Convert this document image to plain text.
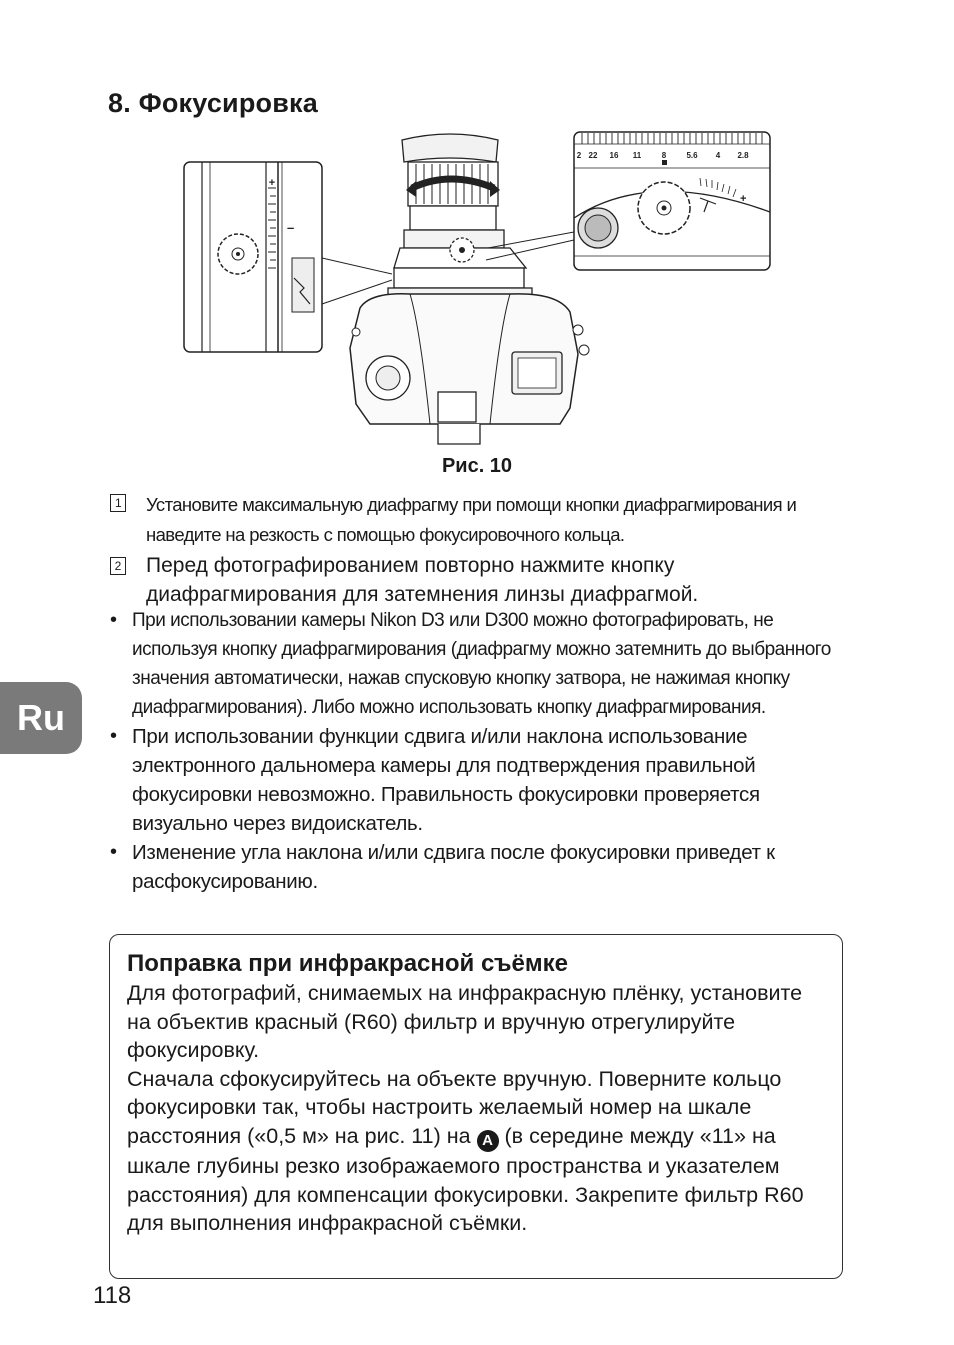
8. Фокусировка
+
–
2 22 16 11	8	5.6 4 2.8
+
Рис. 10
1 Установите максимальную диафрагму при помощи кнопки диафрагмирования и наведите на резкость с помощью фокусировочного кольца.
2 Перед фотографированием повторно нажмите кнопку диафрагмирования для затемнения линзы диафрагмой.
• При использовании камеры Nikon D3 или D300 можно фотографировать, не используя кнопку диафрагмирования (диафрагму можно затемнить до выбранного значения автоматически, нажав спусковую кнопку затвора, не нажимая кнопку диафрагмирования). Либо можно использовать кнопку диафрагмирования.
• При использовании функции сдвига и/или наклона использование электронного дальномера камеры для подтверждения правильной фокусировки невозможно. Правильность фокусировки проверяется визуально через видоискатель.
• Изменение угла наклона и/или сдвига после фокусировки приведет к расфокусированию.
Ru
Поправка при инфракрасной съёмке

Для фотографий, снимаемых на инфракрасную плёнку, установите на объектив красный (R60) фильтр и вручную отрегулируйте фокусировку.

Сначала сфокусируйтесь на объекте вручную. Поверните кольцо фокусировки так, чтобы настроить желаемый номер на шкале расстояния («0,5 м» на рис. 11) на A (в середине между «11» на шкале глубины резко изображаемого пространства и указателем расстояния) для компенсации фокусировки. Закрепите фильтр R60 для выполнения инфракрасной съёмки.

118
